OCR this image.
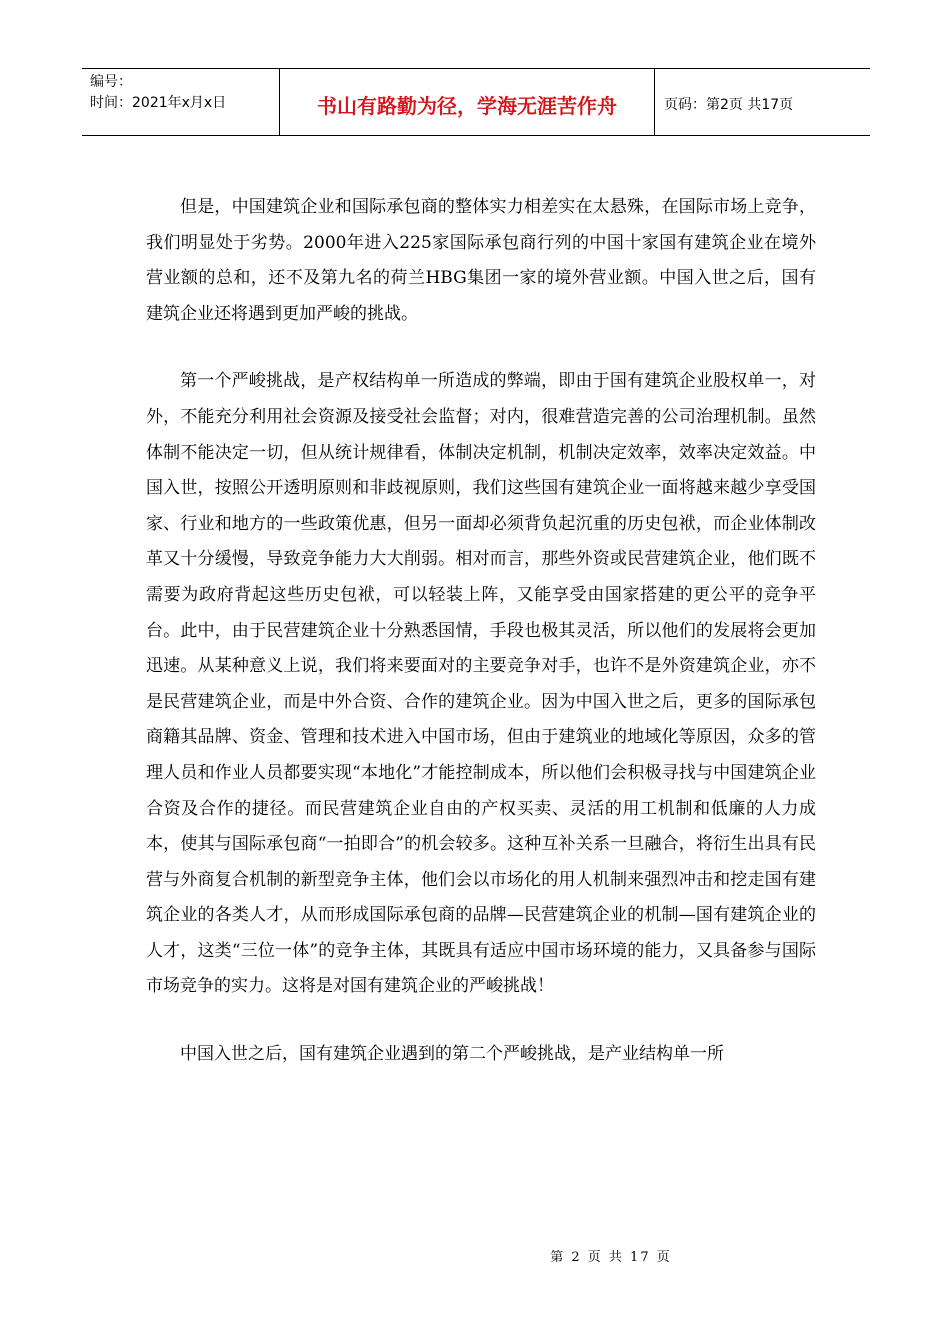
编号：
时间：2021年x月x日	书山有路勤为径，学海无涯苦作舟	页码：第2页 共17页

但是，中国建筑企业和国际承包商的整体实力相差实在太悬殊，在国际市场上竞争，我们明显处于劣势。2000年进入225家国际承包商行列的中国十家国有建筑企业在境外营业额的总和，还不及第九名的荷兰HBG集团一家的境外营业额。中国入世之后，国有建筑企业还将遇到更加严峻的挑战。

第一个严峻挑战，是产权结构单一所造成的弊端，即由于国有建筑企业股权单一，对外，不能充分利用社会资源及接受社会监督；对内，很难营造完善的公司治理机制。虽然体制不能决定一切，但从统计规律看，体制决定机制，机制决定效率，效率决定效益。中国入世，按照公开透明原则和非歧视原则，我们这些国有建筑企业一面将越来越少享受国家、行业和地方的一些政策优惠，但另一面却必须背负起沉重的历史包袱，而企业体制改革又十分缓慢，导致竞争能力大大削弱。相对而言，那些外资或民营建筑企业，他们既不需要为政府背起这些历史包袱，可以轻装上阵，又能享受由国家搭建的更公平的竞争平台。此中，由于民营建筑企业十分熟悉国情，手段也极其灵活，所以他们的发展将会更加迅速。从某种意义上说，我们将来要面对的主要竞争对手，也许不是外资建筑企业，亦不是民营建筑企业，而是中外合资、合作的建筑企业。因为中国入世之后，更多的国际承包商籍其品牌、资金、管理和技术进入中国市场，但由于建筑业的地域化等原因，众多的管理人员和作业人员都要实现“本地化”才能控制成本，所以他们会积极寻找与中国建筑企业合资及合作的捷径。而民营建筑企业自由的产权买卖、灵活的用工机制和低廉的人力成本，使其与国际承包商“一拍即合”的机会较多。这种互补关系一旦融合，将衍生出具有民营与外商复合机制的新型竞争主体，他们会以市场化的用人机制来强烈冲击和挖走国有建筑企业的各类人才，从而形成国际承包商的品牌—民营建筑企业的机制—国有建筑企业的人才，这类“三位一体”的竞争主体，其既具有适应中国市场环境的能力，又具备参与国际市场竞争的实力。这将是对国有建筑企业的严峻挑战！

中国入世之后，国有建筑企业遇到的第二个严峻挑战，是产业结构单一所

第 2 页 共 17 页
